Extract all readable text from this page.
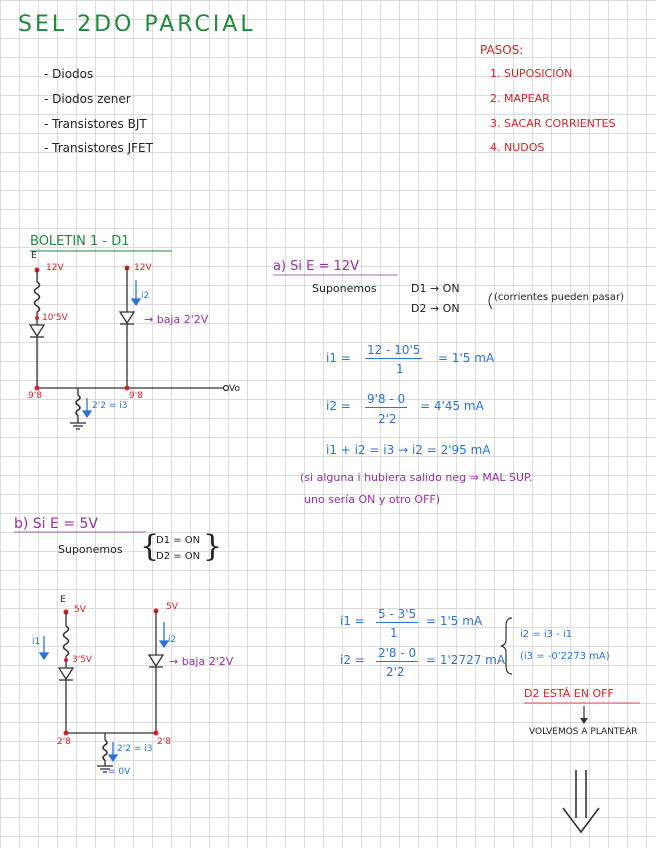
SEL 2DO PARCIAL
- Diodos
- Diodos zener
- Transistores BJT
- Transistores JFET
PASOS:
1. SUPOSICIÓN
2. MAPEAR
3. SACAR CORRIENTES
4. NUDOS
BOLETIN 1 - D1
E
12V	12V
10'5V
i2
→ baja 2'2V
9'8	9'8
2'2 = i3
Vo
a) Si E = 12V
Suponemos	D1 → ON
D2 → ON
(corrientes pueden pasar)
i1 =
12 - 10'5
1
= 1'5 mA
i2 = 9'8 - 0
2'2
= 4'45 mA
i1 + i2 = i3 → i2 = 2'95 mA
(si alguna i hubiera salido neg ⇒ MAL SUP.
uno sería ON y otro OFF)
b) Si E = 5V
Suponemos {
D1 = ON
D2 = ON }
E
5V	5V
i1	i2
3'5V	→ baja 2'2V
2'8	2'8
2'2 = i3
= 0V
i1 = 5 - 3'5
1
= 1'5 mA
i2 = 2'8 - 0
2'2
= 1'2727 mA
i2 = i3 - i1
(i3 = -0'2273 mA)
D2 ESTÁ EN OFF
VOLVEMOS A PLANTEAR
